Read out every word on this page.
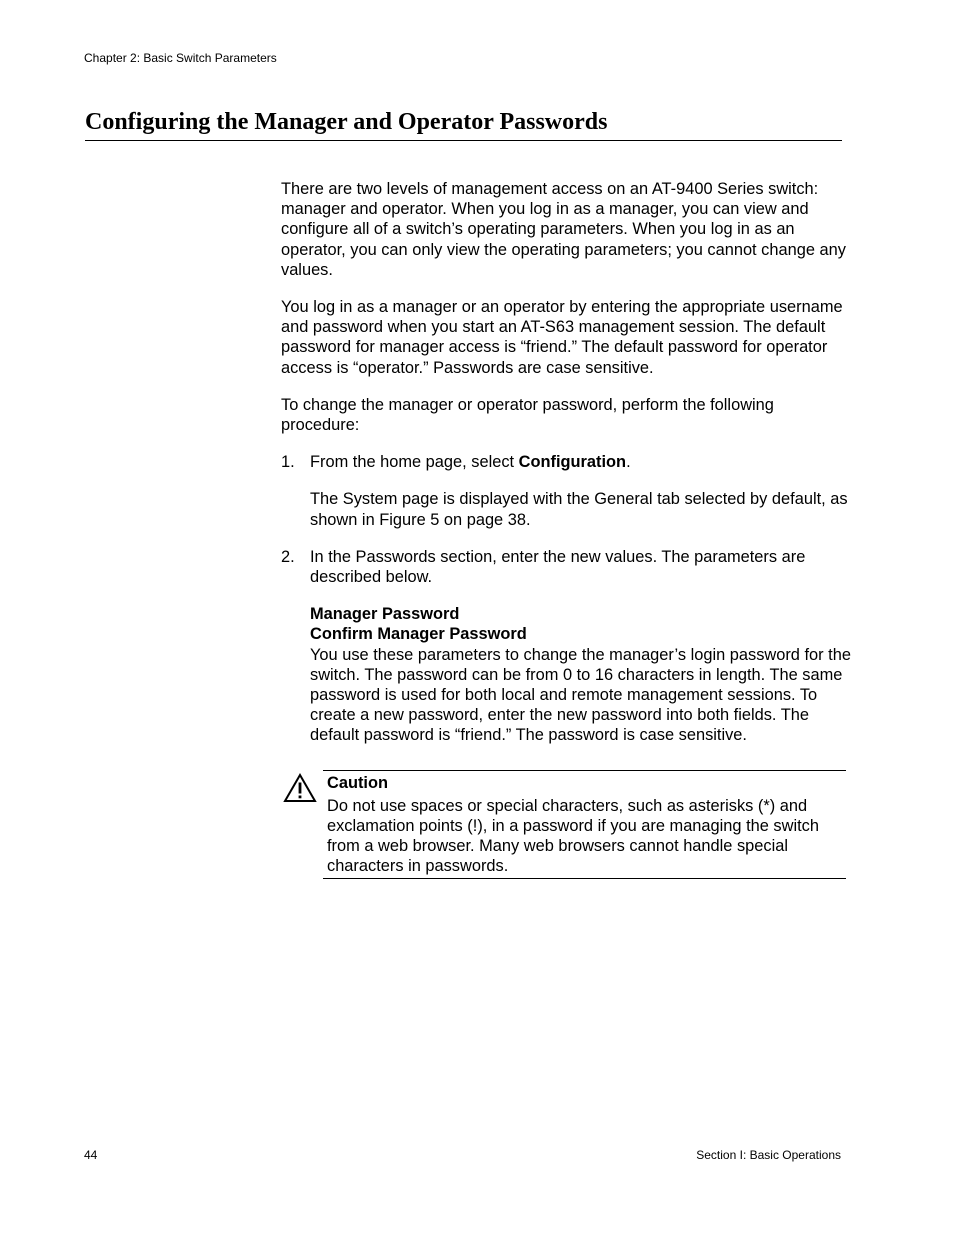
Chapter 2: Basic Switch Parameters
Configuring the Manager and Operator Passwords

There are two levels of management access on an AT-9400 Series switch: manager and operator. When you log in as a manager, you can view and configure all of a switch’s operating parameters. When you log in as an operator, you can only view the operating parameters; you cannot change any values.

You log in as a manager or an operator by entering the appropriate username and password when you start an AT-S63 management session. The default password for manager access is “friend.” The default password for operator access is “operator.” Passwords are case sensitive.

To change the manager or operator password, perform the following procedure:

1. From the home page, select Configuration.
The System page is displayed with the General tab selected by default, as shown in Figure 5 on page 38.
2. In the Passwords section, enter the new values. The parameters are described below.
Manager Password
Confirm Manager Password
You use these parameters to change the manager’s login password for the switch. The password can be from 0 to 16 characters in length. The same password is used for both local and remote management sessions. To create a new password, enter the new password into both fields. The default password is “friend.” The password is case sensitive.
Caution
Do not use spaces or special characters, such as asterisks (*) and exclamation points (!), in a password if you are managing the switch from a web browser. Many web browsers cannot handle special characters in passwords.
44	Section I: Basic Operations
